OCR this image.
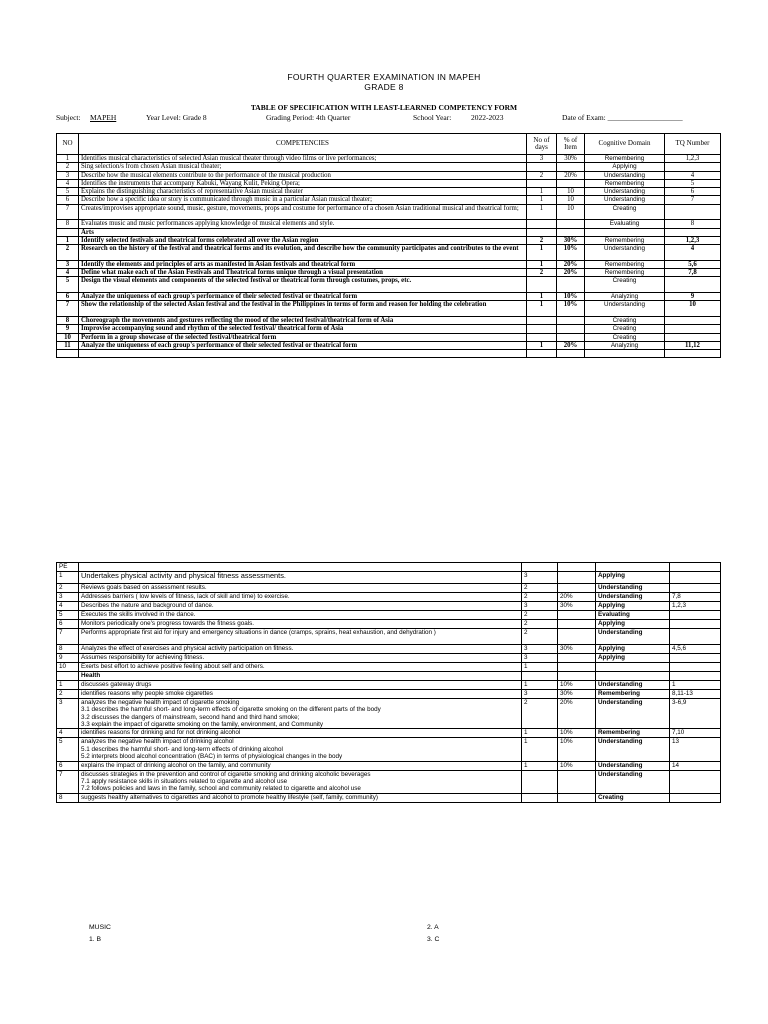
FOURTH QUARTER EXAMINATION IN MAPEH
GRADE 8
TABLE OF SPECIFICATION WITH LEAST-LEARNED COMPETENCY FORM
Subject: MAPEH	Year Level: Grade 8	Grading Period: 4th Quarter	School Year:	2022-2023	Date of Exam: ____________________
NO	COMPETENCIES	No of days	% of Item	Cognitive Domain	TQ Number
1	Identifies musical characteristics of selected Asian musical theater through video films or live performances;	3	30%	Remembering	1,2,3
2	Sing selection/s from chosen Asian musical theater;			Applying	
3	Describe how the musical elements contribute to the performance of the musical production	2	20%	Understanding	4
4	Identifies the instruments that accompany Kabuki, Wayang Kulit, Peking Opera;			Remembering	5
5	Explains the distinguishing characteristics of representative Asian musical theater	1	10	Understanding	6
6	Describe how a specific idea or story is communicated through music in a particular Asian musical theater;	1	10	Understanding	7
7	Creates/improvises appropriate sound, music, gesture, movements, props and costume for performance of a chosen Asian traditional musical and theatrical form;	1	10	Creating	
8	Evaluates music and music performances applying knowledge of musical elements and style.			Evaluating	8
	Arts				
1	Identify selected festivals and theatrical forms celebrated all over the Asian region	2	30%	Remembering	1,2,3
2	Research on the history of the festival and theatrical forms and its evolution, and describe how the community participates and contributes to the event	1	10%	Understanding	4
3	Identify the elements and principles of arts as manifested in Asian festivals and theatrical form	1	20%	Remembering	5,6
4	Define what make each of the Asian Festivals and Theatrical forms unique through a visual presentation	2	20%	Remembering	7,8
5	Design the visual elements and components of the selected festival or theatrical form through costumes, props, etc.			Creating	
6	Analyze the uniqueness of each group's performance of their selected festival or theatrical form	1	10%	Analyzing	9
7	Show the relationship of the selected Asian festival and the festival in the Philippines in terms of form and reason for holding the celebration	1	10%	Understanding	10
8	Choreograph the movements and gestures reflecting the mood of the selected festival/theatrical form of Asia			Creating	
9	Improvise accompanying sound and rhythm of the selected festival/ theatrical form of Asia			Creating	
10	Perform in a group showcase of the selected festival/theatrical form			Creating	
11	Analyze the uniqueness of each group's performance of their selected festival or theatrical form	1	20%	Analyzing	11,12

PE					
1	Undertakes physical activity and physical fitness assessments.	3		Applying	
2	Reviews goals based on assessment results.	2		Understanding	
3	Addresses barriers ( low levels of fitness, lack of skill and time) to exercise.	2	20%	Understanding	7,8
4	Describes the nature and background of dance.	3	30%	Applying	1,2,3
5	Executes the skills involved in the dance.	2		Evaluating	
6	Monitors periodically one's progress towards the fitness goals.	2		Applying	
7	Performs appropriate first aid for injury and emergency situations in dance (cramps, sprains, heat exhaustion, and dehydration )	2		Understanding	
8	Analyzes the effect of exercises and physical activity participation on fitness.	3	30%	Applying	4,5,6
9	Assumes responsibility for achieving fitness.	3		Applying	
10	Exerts best effort to achieve positive feeling about self and others.	1			
	Health				
1	discusses gateway drugs	1	10%	Understanding	1
2	identifies reasons why people smoke cigarettes	3	30%	Remembering	8,11-13
3	analyzes the negative health impact of cigarette smoking
3.1 describes the harmful short- and long-term effects of cigarette smoking on the different parts of the body
3.2 discusses the dangers of mainstream, second hand and third hand smoke;
3.3 explain the impact of cigarette smoking on the family, environment, and Community	2	20%	Understanding	3-6,9
4	identifies reasons for drinking and for not drinking alcohol	1	10%	Remembering	7,10
5	analyzes the negative health impact of drinking alcohol
5.1 describes the harmful short- and long-term effects of drinking alcohol
5.2 interprets blood alcohol concentration (BAC) in terms of physiological changes in the body	1	10%	Understanding	13
6	explains the impact of drinking alcohol on the family, and community	1	10%	Understanding	14
7	discusses strategies in the prevention and control of cigarette smoking and drinking alcoholic beverages
7.1 apply resistance skills in situations related to cigarette and alcohol use
7.2 follows policies and laws in the family, school and community related to cigarette and alcohol use			Understanding	
8	suggests healthy alternatives to cigarettes and alcohol to promote healthy lifestyle (self, family, community)			Creating	
MUSIC
1. B
2. A
3. C
